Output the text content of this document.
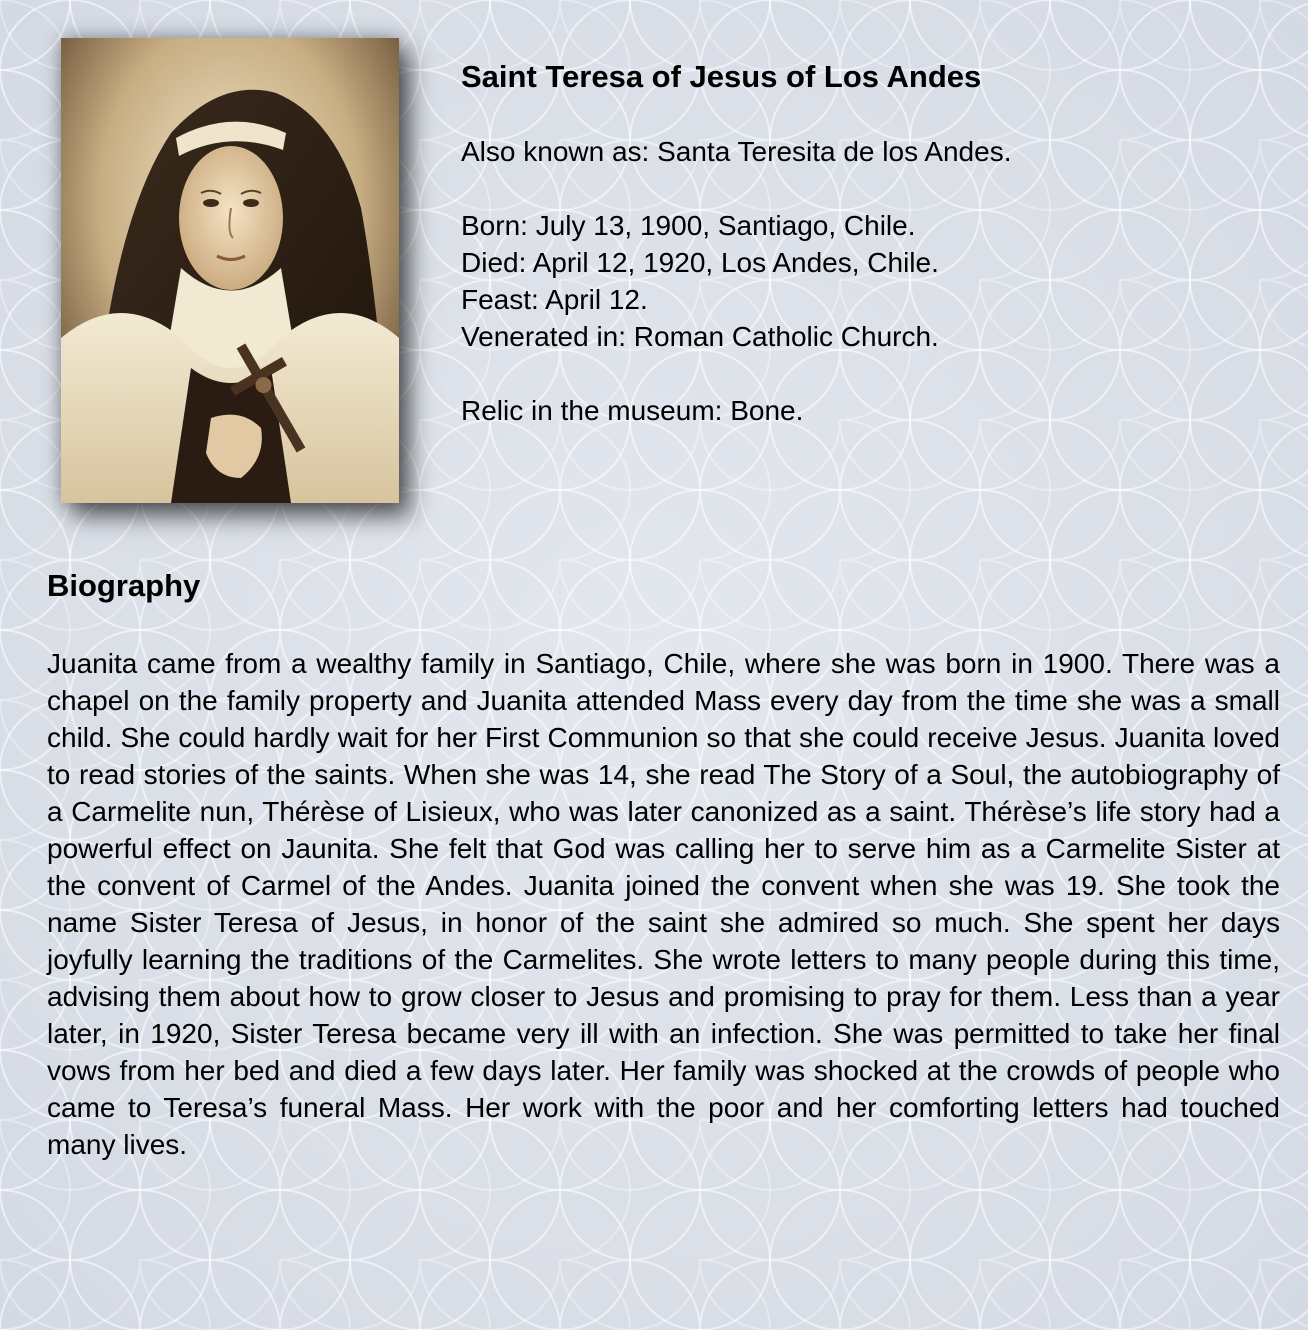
Saint Teresa of Jesus of Los Andes

Also known as: Santa Teresita de los Andes.

Born: July 13, 1900, Santiago, Chile.

Died: April 12, 1920, Los Andes, Chile.

Feast: April 12.

Venerated in: Roman Catholic Church.

Relic in the museum: Bone.

Biography

Juanita came from a wealthy family in Santiago, Chile, where she was born in 1900. There was a chapel on the family property and Juanita attended Mass every day from the time she was a small child. She could hardly wait for her First Communion so that she could receive Jesus. Juanita loved to read stories of the saints. When she was 14, she read The Story of a Soul, the autobiography of a Carmelite nun, Thérèse of Lisieux, who was later canonized as a saint. Thérèse’s life story had a powerful effect on Jaunita. She felt that God was calling her to serve him as a Carmelite Sister at the convent of Carmel of the Andes. Juanita joined the convent when she was 19. She took the name Sister Teresa of Jesus, in honor of the saint she admired so much. She spent her days joyfully learning the traditions of the Carmelites. She wrote letters to many people during this time, advising them about how to grow closer to Jesus and promising to pray for them. Less than a year later, in 1920, Sister Teresa became very ill with an infection. She was permitted to take her final vows from her bed and died a few days later. Her family was shocked at the crowds of people who came to Teresa’s funeral Mass. Her work with the poor and her comforting letters had touched many lives.
